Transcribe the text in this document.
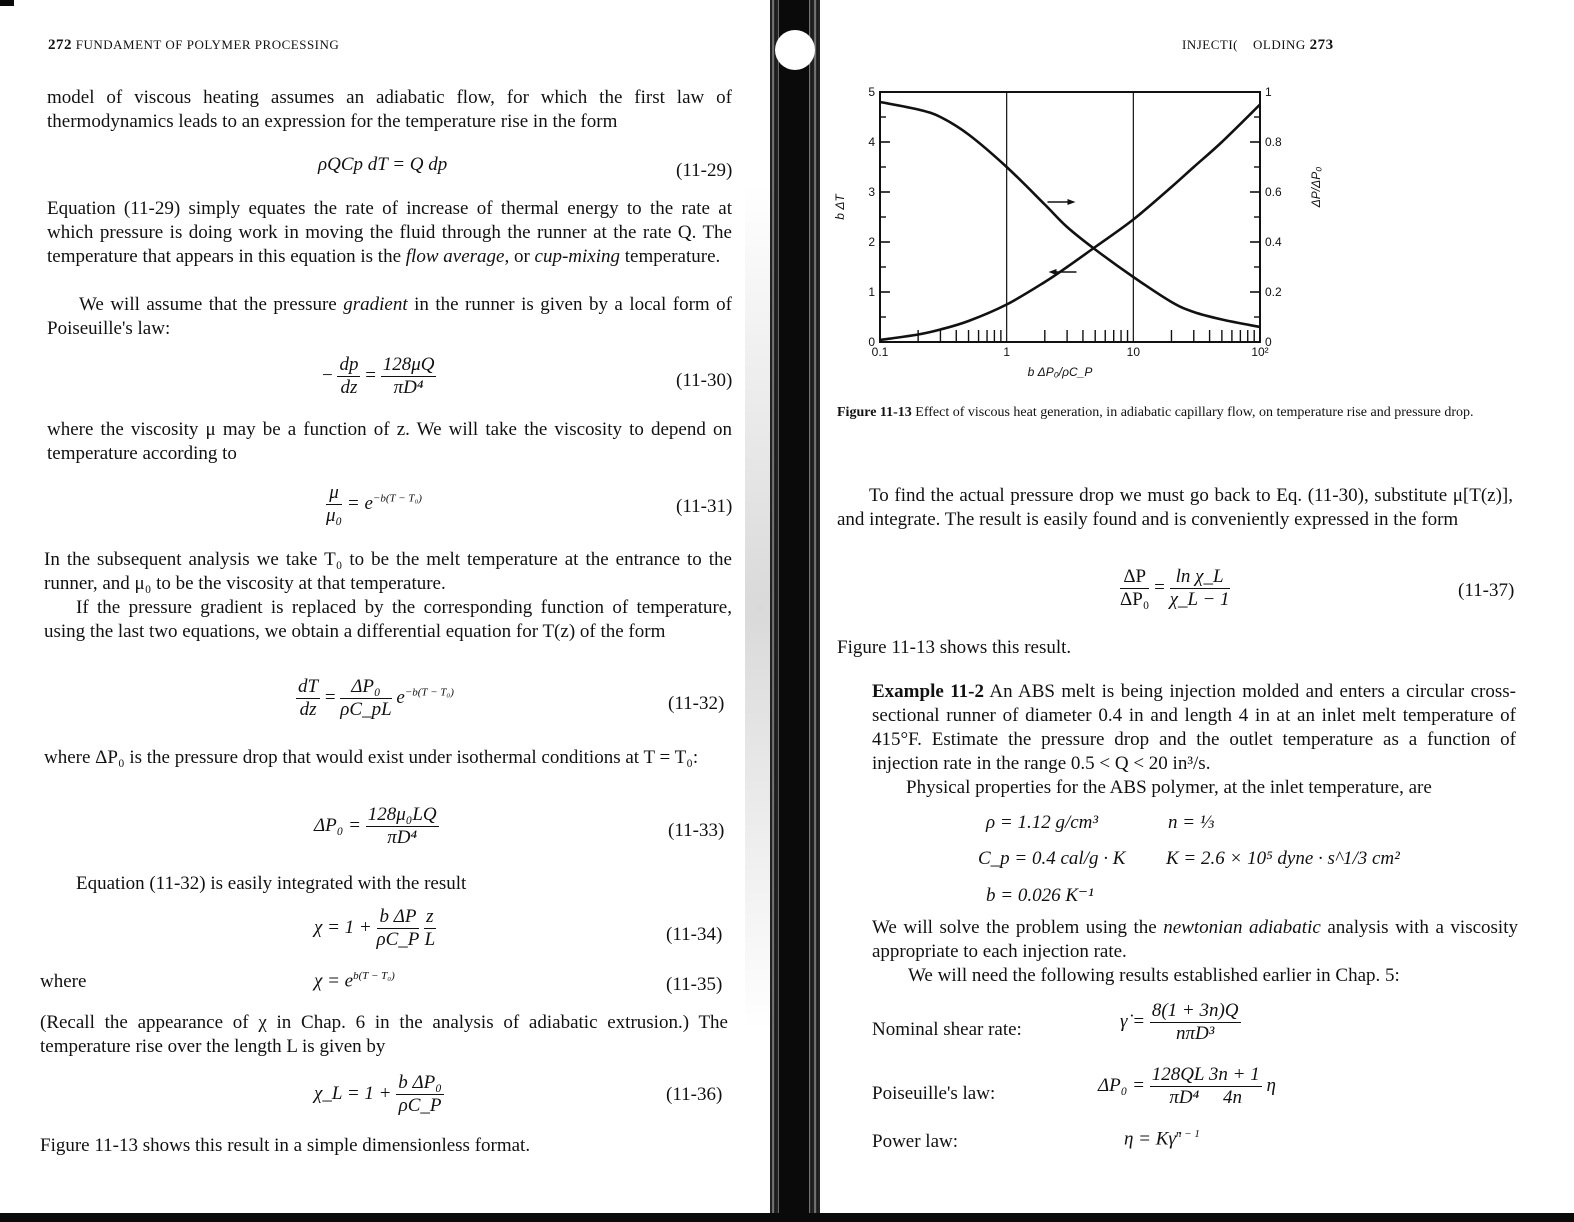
272 FUNDAMENT OF POLYMER PROCESSING
model of viscous heating assumes an adiabatic flow, for which the first law of thermodynamics leads to an expression for the temperature rise in the form
ρQCp dT = Q dp	(11-29)
Equation (11-29) simply equates the rate of increase of thermal energy to the rate at which pressure is doing work in moving the fluid through the runner at the rate Q. The temperature that appears in this equation is the flow average, or cup-mixing temperature.
We will assume that the pressure gradient in the runner is given by a local form of Poiseuille's law:
− $\frac{dp}{dz} = \frac{128\mu Q}{\text{πD⁴}}$	(11-30)
where the viscosity μ may be a function of z. We will take the viscosity to depend on temperature according to
$\frac{\mu}{\text{μ₀}} = e^{-b(T - T_0)}$	(11-31)
In the subsequent analysis we take T₀ to be the melt temperature at the entrance to the runner, and μ₀ to be the viscosity at that temperature.
If the pressure gradient is replaced by the corresponding function of temperature, using the last two equations, we obtain a differential equation for T(z) of the form
$\frac{dT}{dz} = \frac{\text{ΔP₀}}{\rho C\_pL} e^{-b(T - T_0)}$
(11-32)
where ΔP₀ is the pressure drop that would exist under isothermal conditions at T = T₀:
$\Delta P_0 = \frac{\text{128μ₀LQ}}{\text{πD⁴}}$	(11-33)
Equation (11-32) is easily integrated with the result
$\chi = 1 + \frac{\text{b ΔP}}{\rho C\_P}$
$\frac{z}{L}$	(11-34)
where	$\chi = e^{b(T - T_0)}$	(11-35)
(Recall the appearance of χ in Chap. 6 in the analysis of adiabatic extrusion.) The temperature rise over the length L is given by
χ_L = $1 + \frac{\text{b ΔP₀}}{\rho C\_P}$	(11-36)
Figure 11-13 shows this result in a simple dimensionless format.
INJECTI(    OLDING 273
0.1	1	10	10²
0
1
2
3
4
5
0
0.2
0.4
0.6
0.8
1
b ΔP₀/ρC_P
b ΔT	ΔP/ΔP₀
Figure 11-13 Effect of viscous heat generation, in adiabatic capillary flow, on temperature rise and pressure drop.
To find the actual pressure drop we must go back to Eq. (11-30), substitute μ[T(z)], and integrate. The result is easily found and is conveniently expressed in the form
$\frac{\Delta P}{\text{ΔP₀}} = \frac{\text{ln χ\_L}}{\chi\_L - 1}$	(11-37)
Figure 11-13 shows this result.
Example 11-2 An ABS melt is being injection molded and enters a circular cross-sectional runner of diameter 0.4 in and length 4 in at an inlet melt temperature of 415°F. Estimate the pressure drop and the outlet temperature as a function of injection rate in the range 0.5 < Q < 20 in³/s.
Physical properties for the ABS polymer, at the inlet temperature, are
ρ = 1.12 g/cm³	n = ⅓
C_p = 0.4 cal/g · K K = 2.6 × 10⁵ dyne · s^1/3 cm²
b = 0.026 K⁻¹
We will solve the problem using the newtonian adiabatic analysis with a viscosity appropriate to each injection rate.
We will need the following results established earlier in Chap. 5:
Nominal shear rate:	γ̇ = $\frac{8(1 + 3n)Q}{\text{nπD³}}$
Poiseuille's law:	$\Delta P_0 = \frac{128QL 3n + 1}{\text{πD⁴     4n}}$ η
Power law:	η = Kγ̇$^{n - 1}$
